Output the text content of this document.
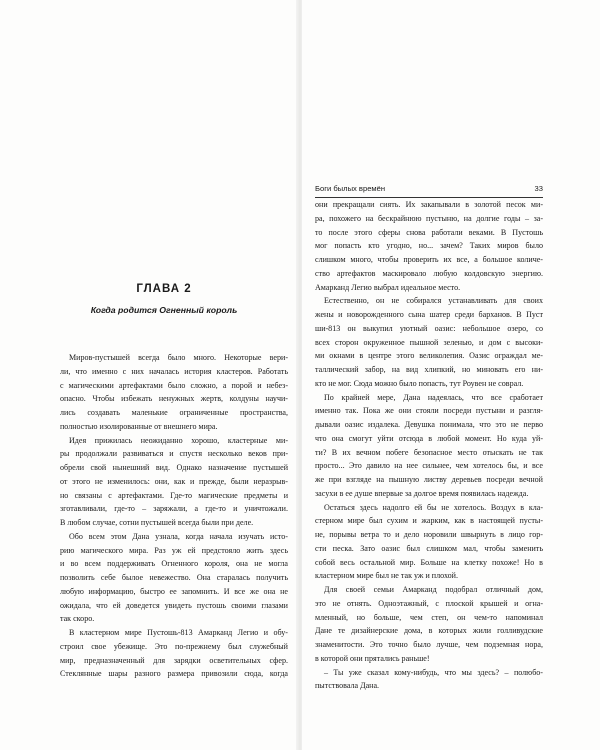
ГЛАВА 2
Когда родится Огненный король
Боги былых времён	33
Миров-пустышей всегда было много. Некоторые вери-
ли, что именно с них началась история кластеров. Работать
с магическими артефактами было сложно, а порой и небез-
опасно. Чтобы избежать ненужных жертв, колдуны научи-
лись создавать маленькие ограниченные пространства,
полностью изолированные от внешнего мира.
Идея прижилась неожиданно хорошо, кластерные ми-
ры продолжали развиваться и спустя несколько веков при-
обрели свой нынешний вид. Однако назначение пустышей
от этого не изменилось: они, как и прежде, были неразрыв-
но связаны с артефактами. Где-то магические предметы и
зготавливали, где-то – заряжали, а где-то и уничтожали.
В любом случае, сотни пустышей всегда были при деле.
Обо всем этом Дана узнала, когда начала изучать исто-
рию магического мира. Раз уж ей предстояло жить здесь
и во всем поддерживать Огненного короля, она не могла
позволить себе былое невежество. Она старалась получить
любую информацию, быстро ее запомнить. И все же она не
ожидала, что ей доведется увидеть пустошь своими глазами
так скоро.
В кластерном мире Пустошь-813 Амарканд Легио и обу-
строил свое убежище. Это по-прежнему был служебный
мир, предназначенный для зарядки осветительных сфер.
Стеклянные шары разного размера привозили сюда, когда
они прекращали сиять. Их закапывали в золотой песок ми-
ра, похожего на бескрайнюю пустыню, на долгие годы – за-
то после этого сферы снова работали веками. В Пустошь
мог попасть кто угодно, но... зачем? Таких миров было
слишком много, чтобы проверить их все, а большое количе-
ство артефактов маскировало любую колдовскую энергию.
Амарканд Легио выбрал идеальное место.
Естественно, он не собирался устанавливать для своих
жены и новорожденного сына шатер среди барханов. В Пуст
ши-813 он выкупил уютный оазис: небольшое озеро, со
всех сторон окруженное пышной зеленью, и дом с высоки-
ми окнами в центре этого великолепия. Оазис ограждал ме-
таллический забор, на вид хлипкий, но миновать его ни-
кто не мог. Сюда можно было попасть, тут Роувен не соврал.
По крайней мере, Дана надеялась, что все сработает
именно так. Пока же они стояли посреди пустыни и разгля-
дывали оазис издалека. Девушка понимала, что это не перво
что она смогут уйти отсюда в любой момент. Но куда уй-
ти? В их вечном побеге безопасное место отыскать не так
просто... Это давило на нее сильнее, чем хотелось бы, и все
же при взгляде на пышную листву деревьев посреди вечной
засухи в ее душе впервые за долгое время появилась надежда.
Остаться здесь надолго ей бы не хотелось. Воздух в кла-
стерном мире был сухим и жарким, как в настоящей пусты-
не, порывы ветра то и дело норовили швырнуть в лицо гор-
сти песка. Зато оазис был слишком мал, чтобы заменить
собой весь остальной мир. Больше на клетку похоже! Но в
кластерном мире был не так уж и плохой.
Для своей семьи Амарканд подобрал отличный дом,
это не отнять. Одноэтажный, с плоской крышей и огна-
мленный, но больше, чем степ, он чем-то напоминал
Дане те дизайнерские дома, в которых жили голливудские
знаменитости. Это точно было лучше, чем подземная нора,
в которой они прятались раньше!
– Ты уже сказал кому-нибудь, что мы здесь? – полюбо-
пытствовала Дана.
